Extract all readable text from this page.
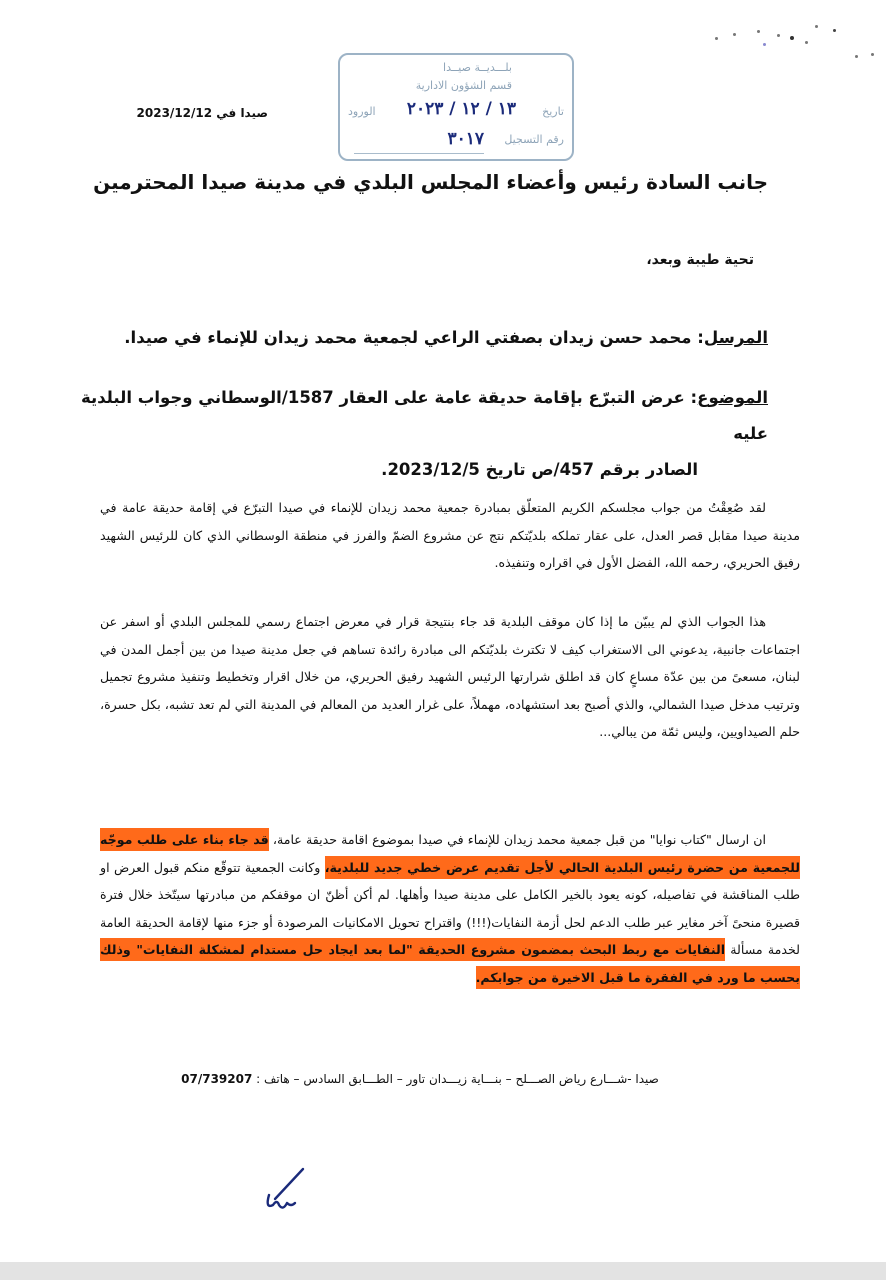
صيدا في 2023/12/12
بلـــديــة صيــدا
قسم الشؤون الادارية
تاريخ
١٣ / ١٢ / ٢٠٢٣
الورود
رقم التسجيل
٣٠١٧
جانب السادة رئيس وأعضاء المجلس البلدي في مدينة صيدا المحترمين
تحية طيبة وبعد،
المرسل: محمد حسن زيدان بصفتي الراعي لجمعية محمد زيدان للإنماء في صيدا.
الموضوع: عرض التبرّع بإقامة حديقة عامة على العقار 1587/الوسطاني وجواب البلدية عليه
الصادر برقم 457/ص تاريخ 2023/12/5.
لقد صُعِقْتُ من جواب مجلسكم الكريم المتعلّق بمبادرة جمعية محمد زيدان للإنماء في صيدا التبرّع في إقامة حديقة عامة في مدينة صيدا مقابل قصر العدل، على عقار تملكه بلديّتكم نتج عن مشروع الضمّ والفرز في منطقة الوسطاني الذي كان للرئيس الشهيد رفيق الحريري، رحمه الله، الفضل الأول في اقراره وتنفيذه.
هذا الجواب الذي لم يبيّن ما إذا كان موقف البلدية قد جاء بنتيجة قرار في معرض اجتماع رسمي للمجلس البلدي أو اسفر عن اجتماعات جانبية، يدعوني الى الاستغراب كيف لا تكترث بلديّتكم الى مبادرة رائدة تساهم في جعل مدينة صيدا من بين أجمل المدن في لبنان، مسعىً من بين عدّة مساعٍ كان قد اطلق شرارتها الرئيس الشهيد رفيق الحريري، من خلال اقرار وتخطيط وتنفيذ مشروع تجميل وترتيب مدخل صيدا الشمالي، والذي أصبح بعد استشهاده، مهملاً، على غرار العديد من المعالم في المدينة التي لم تعد تشبه، بكل حسرة، حلم الصيداويين، وليس ثمّة من يبالي...
ان ارسال "كتاب نوايا" من قبل جمعية محمد زيدان للإنماء في صيدا بموضوع اقامة حديقة عامة، قد جاء بناء على طلب موجّه للجمعية من حضرة رئيس البلدية الحالي لأجل تقديم عرض خطي جديد للبلدية، وكانت الجمعية تتوقّع منكم قبول العرض او طلب المناقشة في تفاصيله، كونه يعود بالخير الكامل على مدينة صيدا وأهلها. لم أكن أظنّ ان موقفكم من مبادرتها سيتّخذ خلال فترة قصيرة منحىً آخر مغاير عبر طلب الدعم لحل أزمة النفايات(!!!) واقتراح تحويل الامكانيات المرصودة أو جزء منها لإقامة الحديقة العامة لخدمة مسألة النفايات مع ربط البحث بمضمون مشروع الحديقة "لما بعد ايجاد حل مستدام لمشكلة النفايات" وذلك بحسب ما ورد في الفقرة ما قبل الاخيرة من جوابكم.
صيدا -شـــارع رياض الصـــلح – بنـــاية زيـــدان تاور – الطـــابق السادس – هاتف : 07/739207
